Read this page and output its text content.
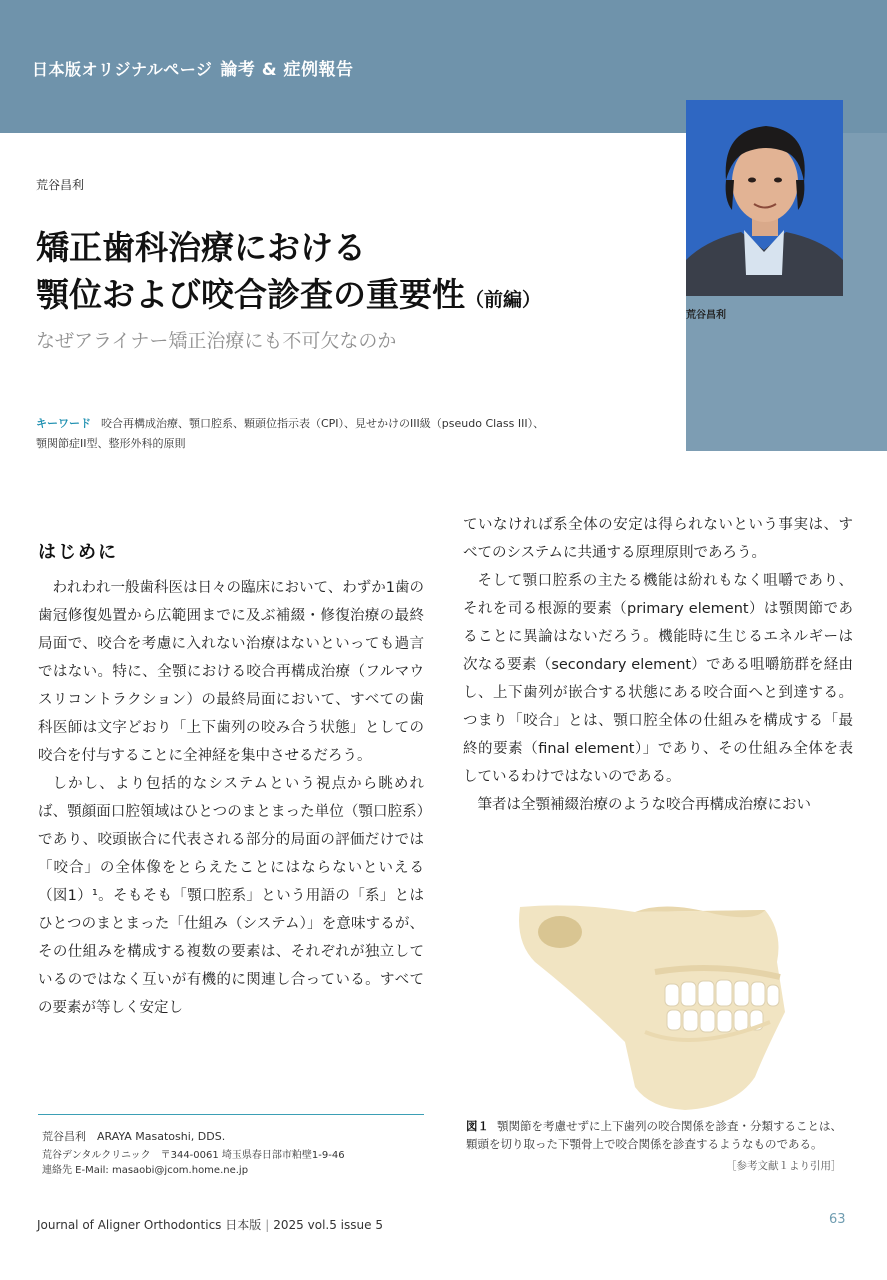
日本版オリジナルページ 論考 & 症例報告
荒谷昌利
荒谷昌利
矯正歯科治療における
顎位および咬合診査の重要性（前編）
なぜアライナー矯正治療にも不可欠なのか
キーワード 咬合再構成治療、顎口腔系、顆頭位指示表（CPI）、見せかけのIII級（pseudo Class III）、
顎関節症II型、整形外科的原則
はじめに

われわれ一般歯科医は日々の臨床において、わずか1歯の歯冠修復処置から広範囲までに及ぶ補綴・修復治療の最終局面で、咬合を考慮に入れない治療はないといっても過言ではない。特に、全顎における咬合再構成治療（フルマウスリコントラクション）の最終局面において、すべての歯科医師は文字どおり「上下歯列の咬み合う状態」としての咬合を付与することに全神経を集中させるだろう。

しかし、より包括的なシステムという視点から眺めれば、顎顔面口腔領域はひとつのまとまった単位（顎口腔系）であり、咬頭嵌合に代表される部分的局面の評価だけでは「咬合」の全体像をとらえたことにはならないといえる（図1）¹。そもそも「顎口腔系」という用語の「系」とはひとつのまとまった「仕組み（システム）」を意味するが、その仕組みを構成する複数の要素は、それぞれが独立しているのではなく互いが有機的に関連し合っている。すべての要素が等しく安定し

ていなければ系全体の安定は得られないという事実は、すべてのシステムに共通する原理原則であろう。

そして顎口腔系の主たる機能は紛れもなく咀嚼であり、それを司る根源的要素（primary element）は顎関節であることに異論はないだろう。機能時に生じるエネルギーは次なる要素（secondary element）である咀嚼筋群を経由し、上下歯列が嵌合する状態にある咬合面へと到達する。つまり「咬合」とは、顎口腔全体の仕組みを構成する「最終的要素（final element）」であり、その仕組み全体を表しているわけではないのである。

筆者は全顎補綴治療のような咬合再構成治療におい

図１ 顎関節を考慮せずに上下歯列の咬合関係を診査・分類することは、顆頭を切り取った下顎骨上で咬合関係を診査するようなものである。
［参考文献１より引用］
荒谷昌利　ARAYA Masatoshi, DDS.
荒谷デンタルクリニック　〒344-0061 埼玉県春日部市粕壁1-9-46
連絡先 E-Mail: masaobi@jcom.home.ne.jp
Journal of Aligner Orthodontics 日本版 | 2025 vol.5 issue 5	63
